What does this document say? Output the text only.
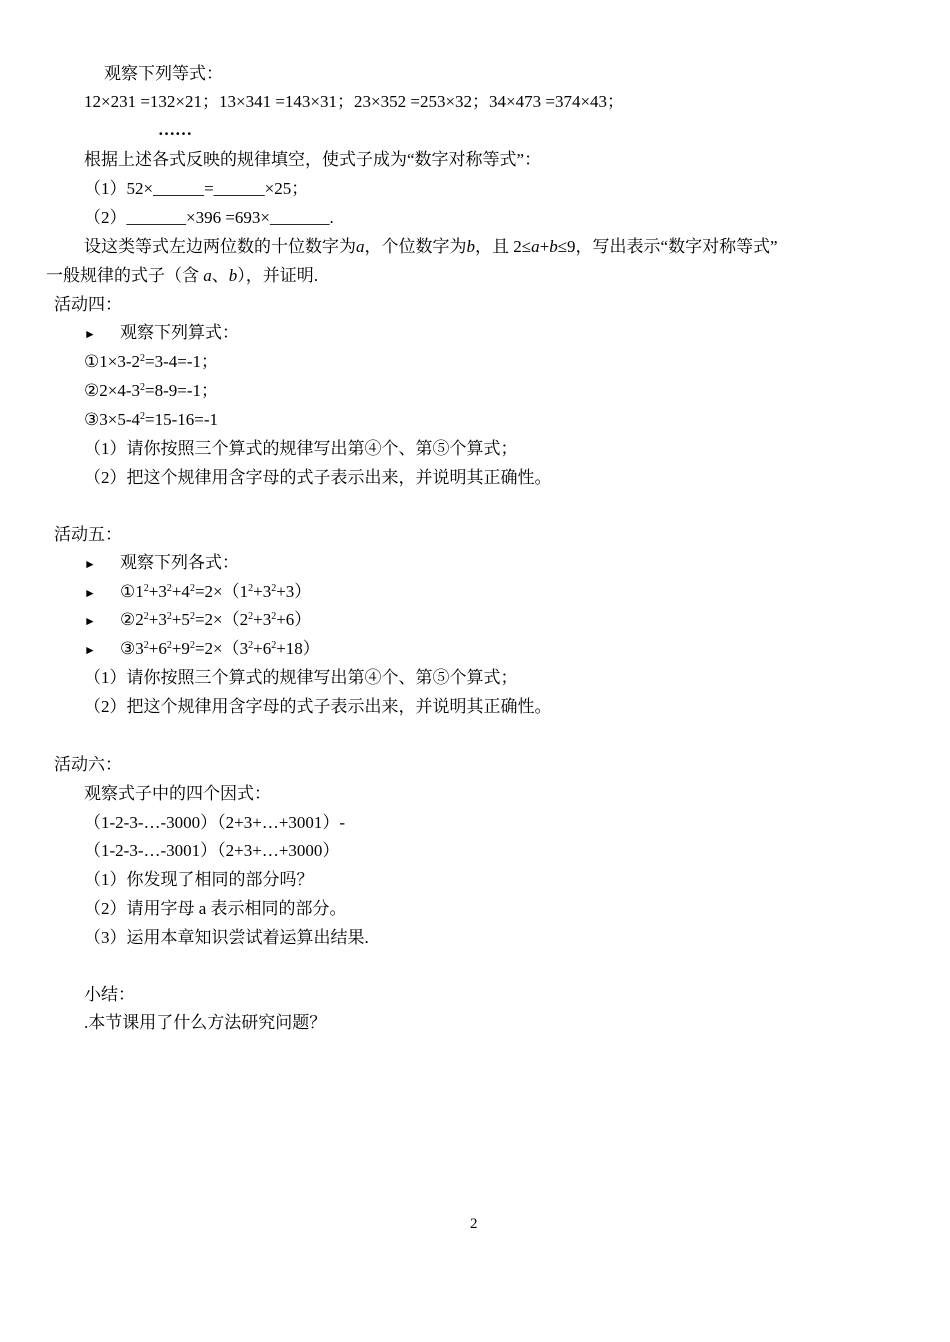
观察下列等式：
12×231 =132×21；13×341 =143×31；23×352 =253×32；34×473 =374×43；
……
根据上述各式反映的规律填空，使式子成为“数字对称等式”：
（1）52×______=______×25；
（2）_______×396 =693×_______.
设这类等式左边两位数的十位数字为a，个位数字为b，且 2≤a+b≤9，写出表示“数字对称等式”
一般规律的式子（含 a、b），并证明.
活动四：
► 观察下列算式：
$①1\times 3-2^2=3-4=-1$；
$②2\times 4-3^2=8-9=-1$；
$③3\times 5-4^2=15-16=-1$
（1）请你按照三个算式的规律写出第④个、第⑤个算式；
（2）把这个规律用含字母的式子表示出来，并说明其正确性。
活动五：
► 观察下列各式：
► $①1^2+3^2+4^2=2\times(1^2+3^2+3)$
► $②2^2+3^2+5^2=2\times(2^2+3^2+6)$
► $③3^2+6^2+9^2=2\times(3^2+6^2+18)$
（1）请你按照三个算式的规律写出第④个、第⑤个算式；
（2）把这个规律用含字母的式子表示出来，并说明其正确性。
活动六：
观察式子中的四个因式：
（1-2-3-…-3000）（2+3+…+3001）-
（1-2-3-…-3001）（2+3+…+3000）
（1）你发现了相同的部分吗？
（2）请用字母 a 表示相同的部分。
（3）运用本章知识尝试着运算出结果.
小结：
.本节课用了什么方法研究问题？
2
